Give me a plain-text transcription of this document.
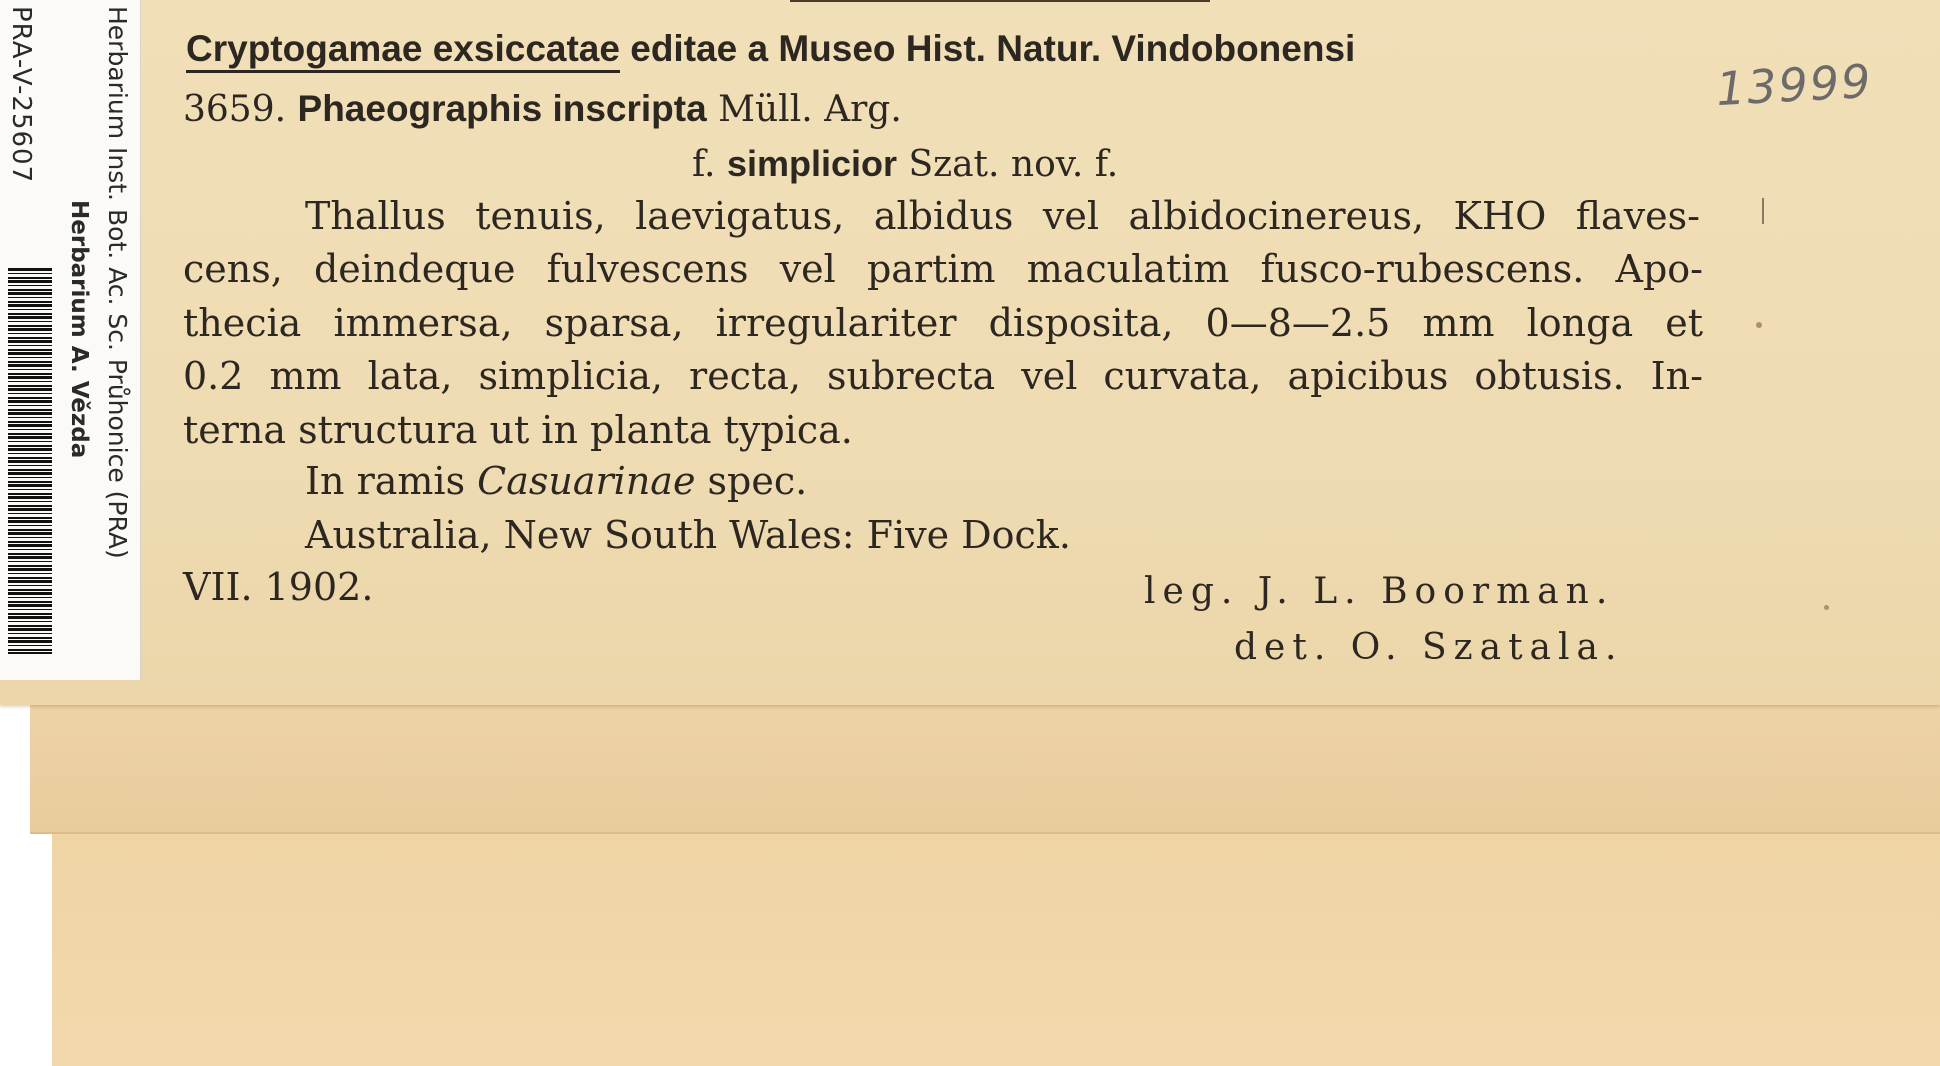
Cryptogamae exsiccatae editae a Museo Hist. Natur. Vindobonensi
3659. Phaeographis inscripta Müll. Arg.
f. simplicior Szat. nov. f.
Thallus tenuis, laevigatus, albidus vel albidocinereus, KHO flaves-
cens, deindeque fulvescens vel partim maculatim fusco-rubescens. Apo-
thecia immersa, sparsa, irregulariter disposita, 0—8—2.5 mm longa et
0.2 mm lata, simplicia, recta, subrecta vel curvata, apicibus obtusis. In-
terna structura ut in planta typica.
In ramis Casuarinae spec.
Australia, New South Wales: Five Dock.
VII. 1902.	leg. J. L. Boorman.
det. O. Szatala.
13999
PRA-V-25607	Herbarium Inst. Bot. Ac. Sc. Průhonice (PRA)
Herbarium A. Vězda
